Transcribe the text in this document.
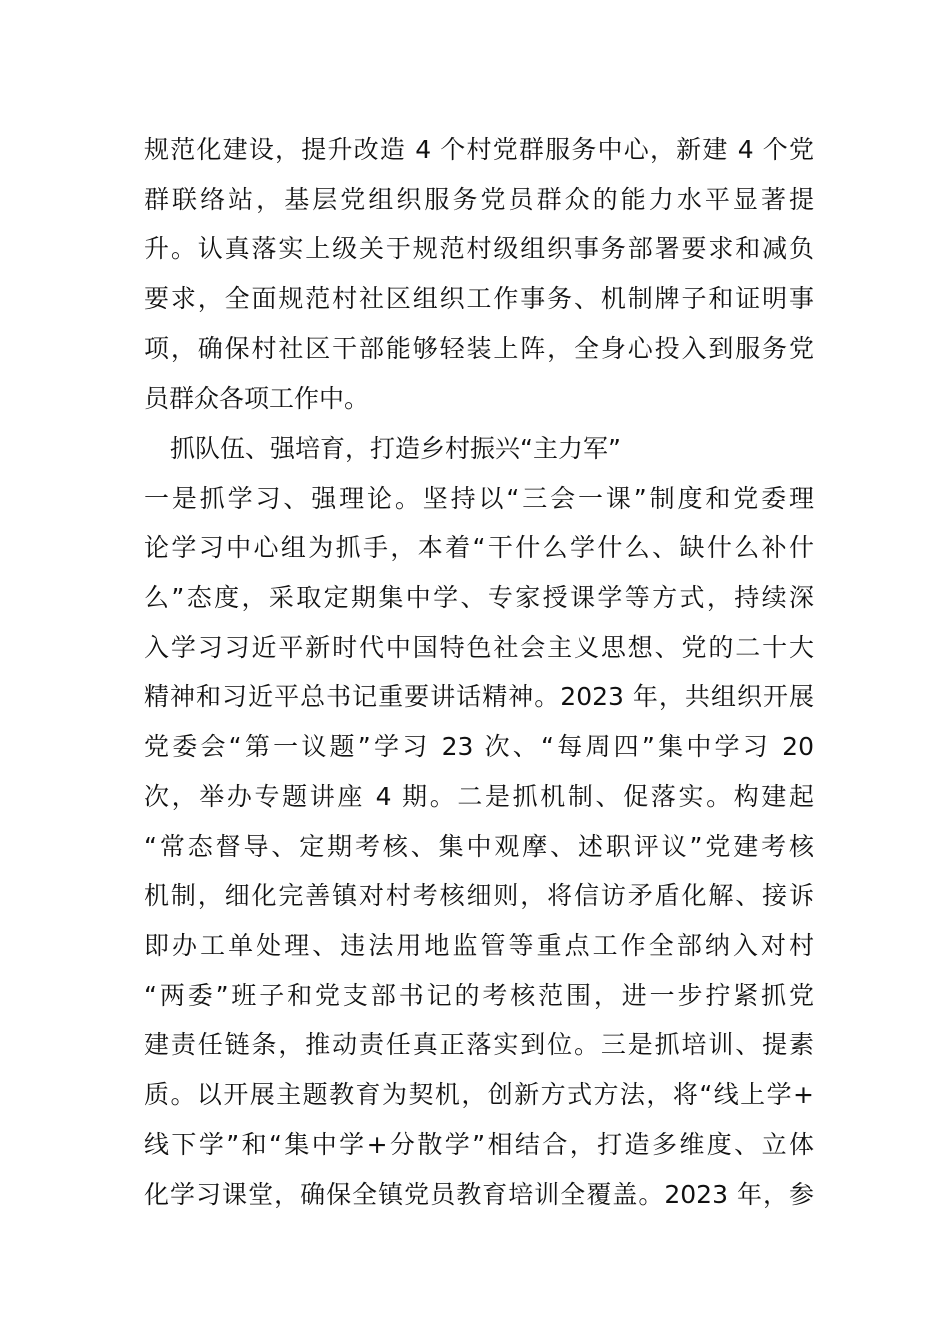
规范化建设，提升改造 4 个村党群服务中心，新建 4 个党
群联络站，基层党组织服务党员群众的能力水平显著提
升。认真落实上级关于规范村级组织事务部署要求和减负
要求，全面规范村社区组织工作事务、机制牌子和证明事
项，确保村社区干部能够轻装上阵，全身心投入到服务党
员群众各项工作中。
抓队伍、强培育，打造乡村振兴“主力军”
一是抓学习、强理论。坚持以“三会一课”制度和党委理
论学习中心组为抓手，本着“干什么学什么、缺什么补什
么”态度，采取定期集中学、专家授课学等方式，持续深
入学习习近平新时代中国特色社会主义思想、党的二十大
精神和习近平总书记重要讲话精神。2023 年，共组织开展
党委会“第一议题”学习 23 次、“每周四”集中学习 20
次，举办专题讲座 4 期。二是抓机制、促落实。构建起
“常态督导、定期考核、集中观摩、述职评议”党建考核
机制，细化完善镇对村考核细则，将信访矛盾化解、接诉
即办工单处理、违法用地监管等重点工作全部纳入对村
“两委”班子和党支部书记的考核范围，进一步拧紧抓党
建责任链条，推动责任真正落实到位。三是抓培训、提素
质。以开展主题教育为契机，创新方式方法，将“线上学+
线下学”和“集中学+分散学”相结合，打造多维度、立体
化学习课堂，确保全镇党员教育培训全覆盖。2023 年，参
